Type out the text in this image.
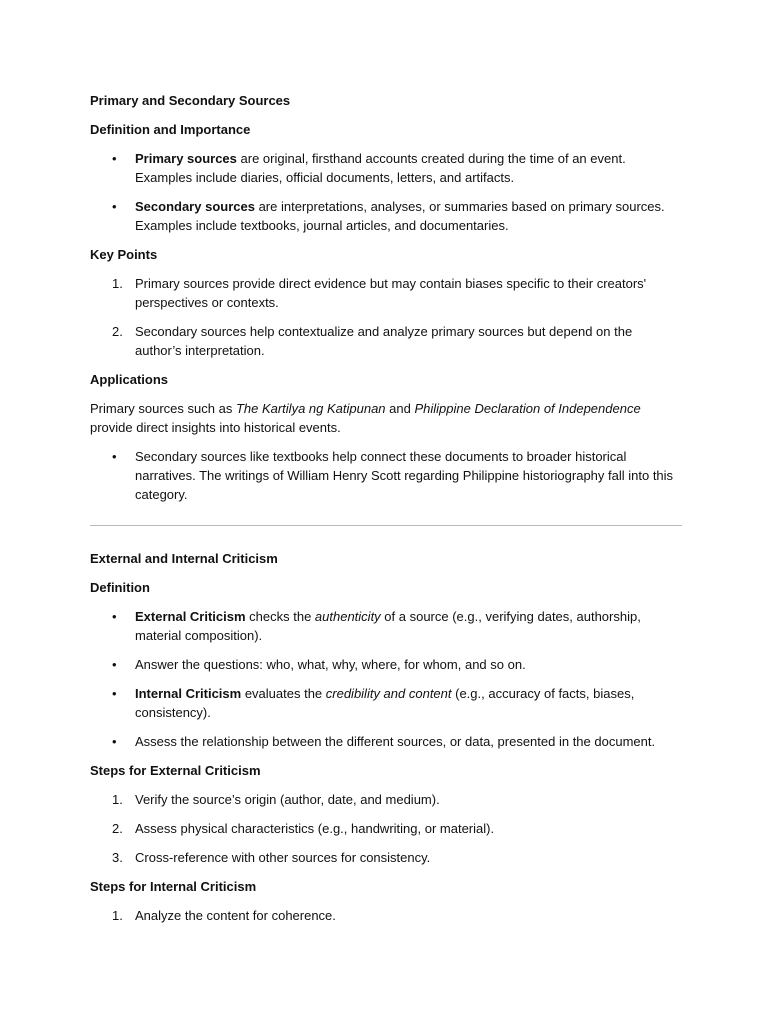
Primary and Secondary Sources
Definition and Importance
• Primary sources are original, firsthand accounts created during the time of an event. Examples include diaries, official documents, letters, and artifacts.
• Secondary sources are interpretations, analyses, or summaries based on primary sources. Examples include textbooks, journal articles, and documentaries.
Key Points
1. Primary sources provide direct evidence but may contain biases specific to their creators' perspectives or contexts.
2. Secondary sources help contextualize and analyze primary sources but depend on the author’s interpretation.
Applications
Primary sources such as The Kartilya ng Katipunan and Philippine Declaration of Independence provide direct insights into historical events.
• Secondary sources like textbooks help connect these documents to broader historical narratives. The writings of William Henry Scott regarding Philippine historiography fall into this category.
External and Internal Criticism
Definition
• External Criticism checks the authenticity of a source (e.g., verifying dates, authorship, material composition).
• Answer the questions: who, what, why, where, for whom, and so on.
• Internal Criticism evaluates the credibility and content (e.g., accuracy of facts, biases, consistency).
• Assess the relationship between the different sources, or data, presented in the document.
Steps for External Criticism
1. Verify the source’s origin (author, date, and medium).
2. Assess physical characteristics (e.g., handwriting, or material).
3. Cross-reference with other sources for consistency.
Steps for Internal Criticism
1. Analyze the content for coherence.
